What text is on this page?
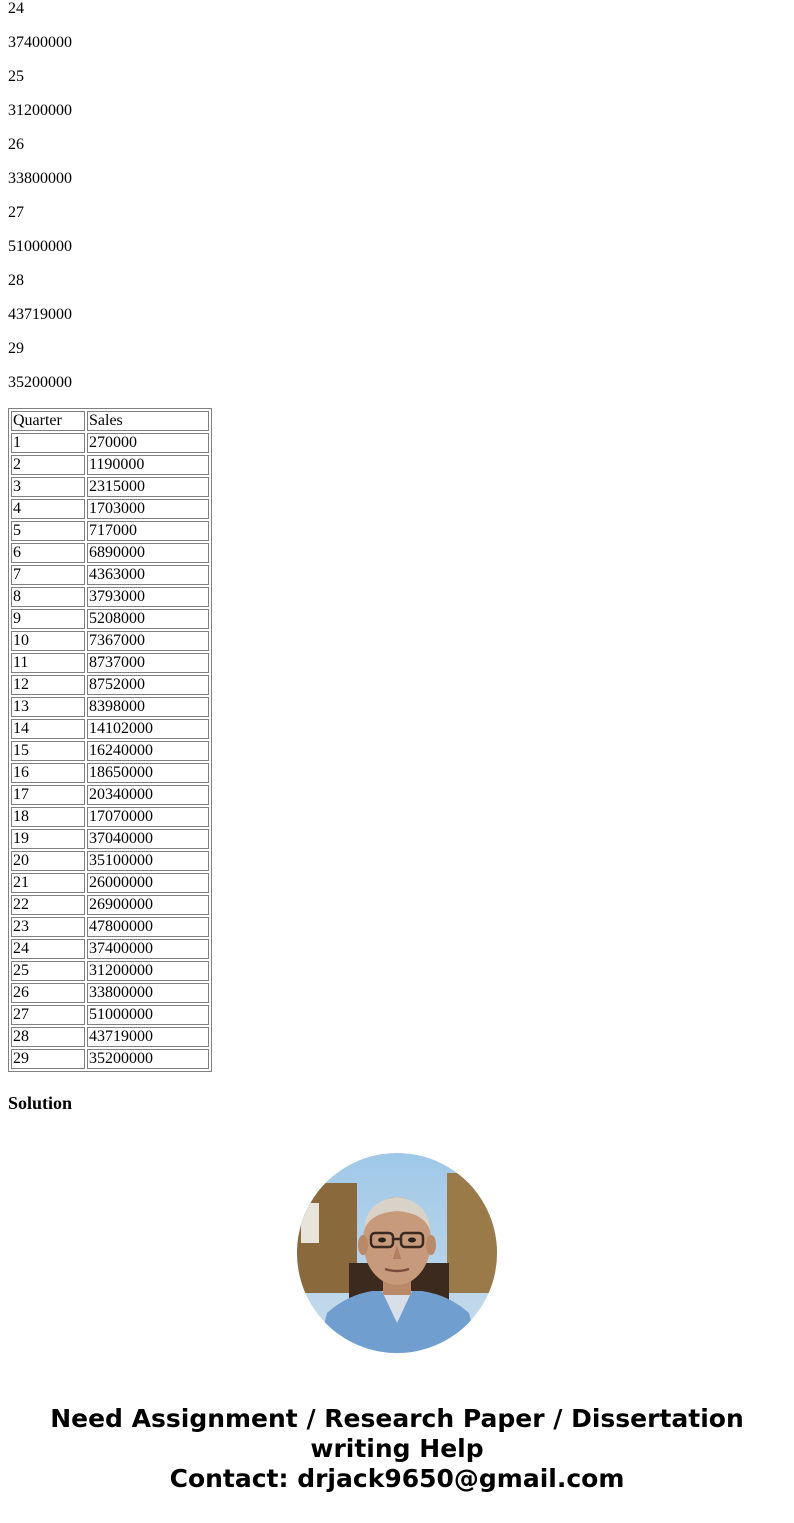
24

37400000

25

31200000

26

33800000

27

51000000

28

43719000

29

35200000

Quarter	Sales
1	270000
2	1190000
3	2315000
4	1703000
5	717000
6	6890000
7	4363000
8	3793000
9	5208000
10	7367000
11	8737000
12	8752000
13	8398000
14	14102000
15	16240000
16	18650000
17	20340000
18	17070000
19	37040000
20	35100000
21	26000000
22	26900000
23	47800000
24	37400000
25	31200000
26	33800000
27	51000000
28	43719000
29	35200000
Solution
Need Assignment / Research Paper / Dissertation
writing Help
Contact: drjack9650@gmail.com
